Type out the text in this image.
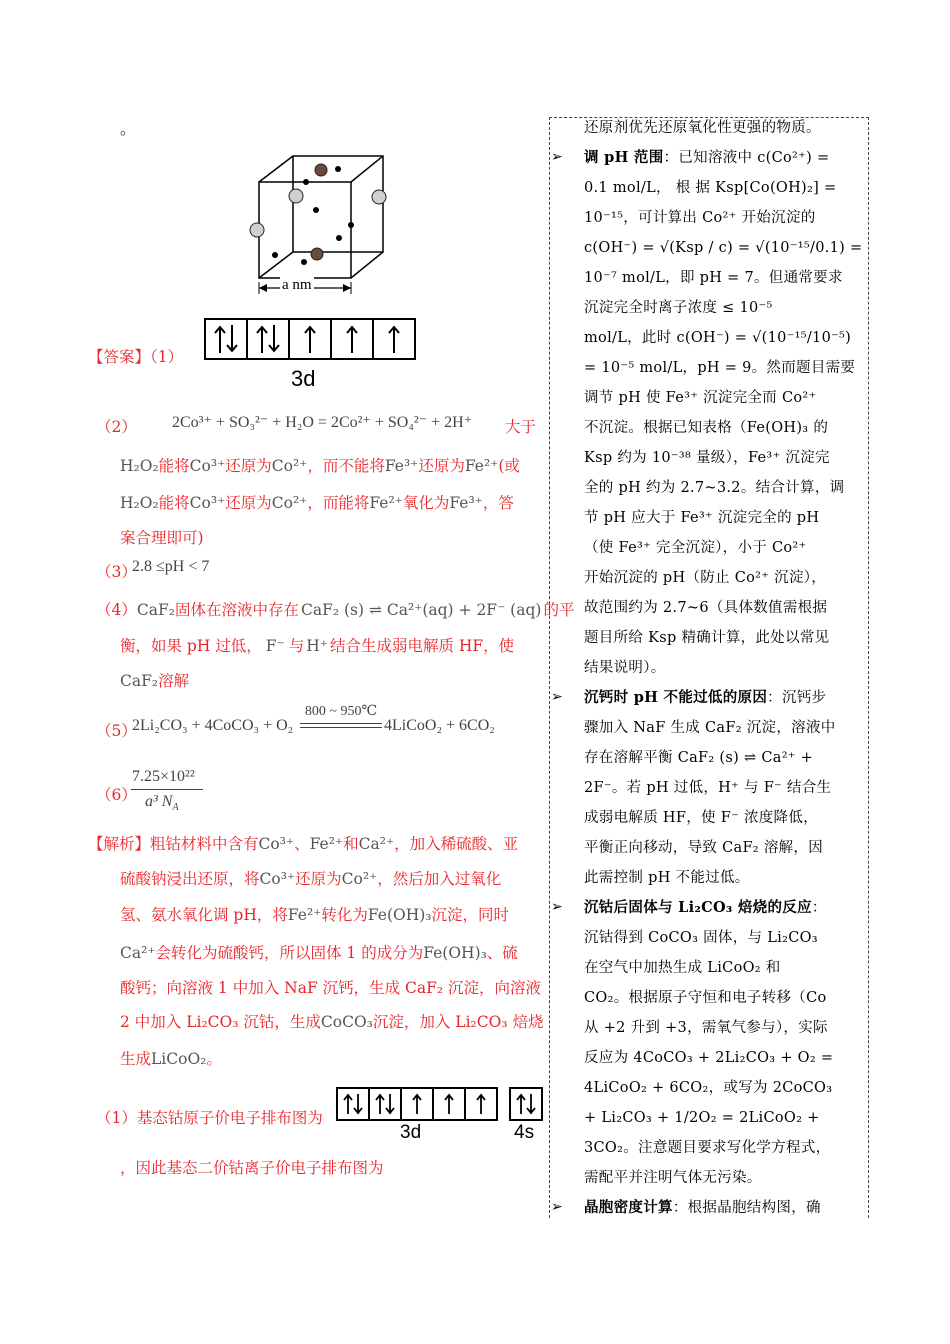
。
a nm
【答案】（1）
3d
（2） 2Co³⁺ + SO₃²⁻ + H₂O = 2Co²⁺ + SO₄²⁻ + 2H⁺ 大于
H₂O₂能将Co³⁺还原为Co²⁺，而不能将Fe³⁺还原为Fe²⁺(或
H₂O₂能将Co³⁺还原为Co²⁺，而能将Fe²⁺氧化为Fe³⁺，答
案合理即可)
（3）
2.8 ≤pH < 7
（4）CaF₂固体在溶液中存在 CaF₂ (s) ⇌ Ca²⁺(aq) + 2F⁻ (aq) 的平
衡，如果 pH 过低， F⁻ 与 H⁺ 结合生成弱电解质 HF，使
CaF₂溶解
（5）
2Li₂CO₃ + 4CoCO₃ + O₂
800 ~ 950℃
4LiCoO₂ + 6CO₂
（6）
7.25×10²²
a³ $N_A$
【解析】粗钴材料中含有Co³⁺、Fe²⁺和Ca²⁺，加入稀硫酸、亚
硫酸钠浸出还原，将Co³⁺还原为Co²⁺，然后加入过氧化
氢、氨水氧化调 pH，将Fe²⁺转化为Fe(OH)₃沉淀，同时
Ca²⁺会转化为硫酸钙，所以固体 1 的成分为Fe(OH)₃、硫
酸钙；向溶液 1 中加入 NaF 沉钙，生成 CaF₂ 沉淀，向溶液
2 中加入 Li₂CO₃ 沉钴，生成CoCO₃沉淀，加入 Li₂CO₃ 焙烧
生成LiCoO₂。
（1）基态钴原子价电子排布图为
3d	4s
，因此基态二价钴离子价电子排布图为
还原剂优先还原氧化性更强的物质。
➢ 调 pH 范围：已知溶液中 c(Co²⁺) =
0.1 mol/L， 根 据 Ksp[Co(OH)₂] =
10⁻¹⁵，可计算出 Co²⁺ 开始沉淀的
c(OH⁻) = √(Ksp / c) = √(10⁻¹⁵/0.1) =
10⁻⁷ mol/L，即 pH = 7。但通常要求
沉淀完全时离子浓度 ≤ 10⁻⁵
mol/L，此时 c(OH⁻) = √(10⁻¹⁵/10⁻⁵)
= 10⁻⁵ mol/L，pH = 9。然而题目需要
调节 pH 使 Fe³⁺ 沉淀完全而 Co²⁺
不沉淀。根据已知表格（Fe(OH)₃ 的
Ksp 约为 10⁻³⁸ 量级），Fe³⁺ 沉淀完
全的 pH 约为 2.7~3.2。结合计算，调
节 pH 应大于 Fe³⁺ 沉淀完全的 pH
（使 Fe³⁺ 完全沉淀），小于 Co²⁺
开始沉淀的 pH（防止 Co²⁺ 沉淀），
故范围约为 2.7~6（具体数值需根据
题目所给 Ksp 精确计算，此处以常见
结果说明）。
➢ 沉钙时 pH 不能过低的原因：沉钙步
骤加入 NaF 生成 CaF₂ 沉淀，溶液中
存在溶解平衡 CaF₂ (s) ⇌ Ca²⁺ +
2F⁻。若 pH 过低，H⁺ 与 F⁻ 结合生
成弱电解质 HF，使 F⁻ 浓度降低，
平衡正向移动，导致 CaF₂ 溶解，因
此需控制 pH 不能过低。
➢ 沉钴后固体与 Li₂CO₃ 焙烧的反应：
沉钴得到 CoCO₃ 固体，与 Li₂CO₃
在空气中加热生成 LiCoO₂ 和
CO₂。根据原子守恒和电子转移（Co
从 +2 升到 +3，需氧气参与），实际
反应为 4CoCO₃ + 2Li₂CO₃ + O₂ =
4LiCoO₂ + 6CO₂，或写为 2CoCO₃
+ Li₂CO₃ + 1/2O₂ = 2LiCoO₂ +
3CO₂。注意题目要求写化学方程式，
需配平并注明气体无污染。
➢ 晶胞密度计算：根据晶胞结构图，确
